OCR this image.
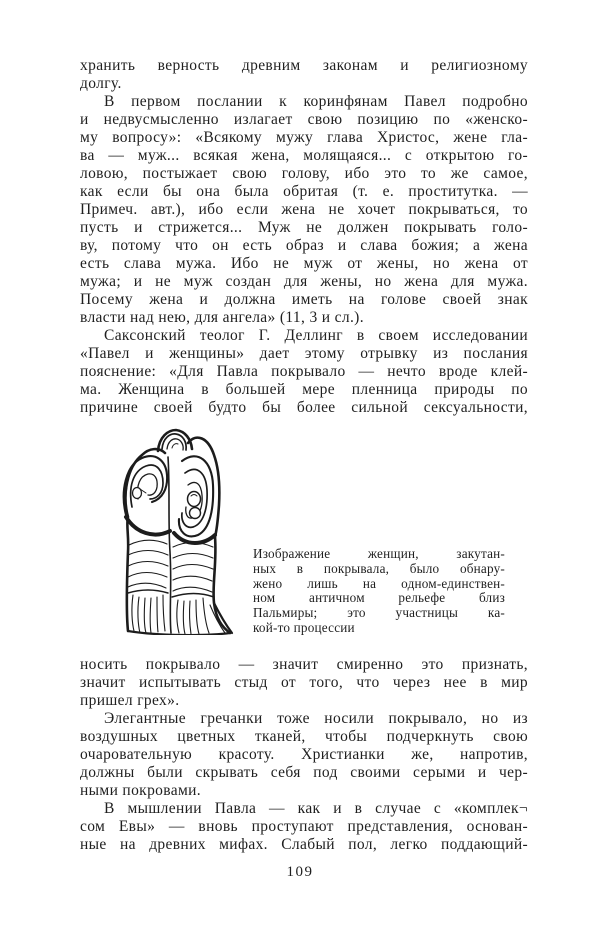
хранить верность древним законам и религиозному
долгу.
В первом послании к коринфянам Павел подробно
и недвусмысленно излагает свою позицию по «женско-
му вопросу»: «Всякому мужу глава Христос, жене гла-
ва — муж... всякая жена, молящаяся... с открытою го-
ловою, постыжает свою голову, ибо это то же самое,
как если бы она была обритая (т. е. проститутка. —
Примеч. авт.), ибо если жена не хочет покрываться, то
пусть и стрижется... Муж не должен покрывать голо-
ву, потому что он есть образ и слава божия; а жена
есть слава мужа. Ибо не муж от жены, но жена от
мужа; и не муж создан для жены, но жена для мужа.
Посему жена и должна иметь на голове своей знак
власти над нею, для ангела» (11, 3 и сл.).
Саксонский теолог Г. Деллинг в своем исследовании
«Павел и женщины» дает этому отрывку из послания
пояснение: «Для Павла покрывало — нечто вроде клей-
ма. Женщина в большей мере пленница природы по
причине своей будто бы более сильной сексуальности,
Изображение женщин, закутан-
ных в покрывала, было обнару-
жено лишь на одном-единствен-
ном античном рельефе близ
Пальмиры; это участницы ка-
кой-то процессии
носить покрывало — значит смиренно это признать,
значит испытывать стыд от того, что через нее в мир
пришел грех».
Элегантные гречанки тоже носили покрывало, но из
воздушных цветных тканей, чтобы подчеркнуть свою
очаровательную красоту. Христианки же, напротив,
должны были скрывать себя под своими серыми и чер-
ными покровами.
В мышлении Павла — как и в случае с «комплек¬
сом Евы» — вновь проступают представления, основан-
ные на древних мифах. Слабый пол, легко поддающий-
109
